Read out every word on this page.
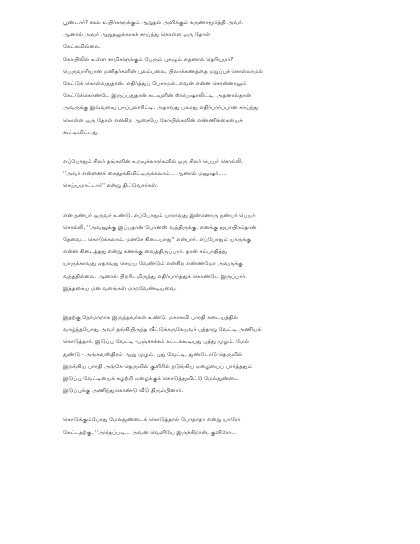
பூண்டார்? சகல உயிர்களுக்கும் ஆறுதல் அளிக்கும் கருணாமூர்த்தி அவர்.
ஆனால் அவர் ஆறுதலுக்காகச் சாய்ந்து கொள்ள ஒரு தோள்
கேட்கவில்லை.
கோயிலில் உள்ள சாமிகளுக்கும் பேரும் புகழும் எதனால் தெரியுமா?
பெருவாரியான மனிதர்களின் புலம்பலை, பிலாக்கணத்தை மறுப்புச் சொல்லாமல்
கேட்டுக் கொள்வதுதான். எதிர்த்துப் பேசாமல், எவன் என்ன சொன்னாலும்
கேட்டுக்கொண்டே இருப்பதுதான் கடவுளின் ஸ்பெஷாலிட்டி. அதனால்தான்
அவருக்கு இவ்வளவு பாப்புலாரிட்டி. அதாவது பலரது எதிர்பார்ப்பான சாய்ந்து
கொள்ள ஒரு தோள் என்கிற ஆசையே கோயில்களின் எண்ணிக்கையைக்
கூட்டிவிட்டது.
எப்போதும் சிலர் தங்களின் உறவுக்காரர்களில் ஒரு சிலர் பெயர் சொல்லி,
''அவர் என்னைக் கைதூக்கிவிட்டிருக்கலாம்... ஆனால் மனுஷர்.....
செய்யமாட்டார்'' என்று திட்டுவார்கள்.
என் நண்பர் ஒருவர் உண்டு. எப்போதும் யாராவது இன்னொரு நண்பர் பெயர்
சொல்லி, ''அவனுக்கு இப்பதான் போனஸ் வந்திருக்கு. எனக்கு ஐயாயிரம்தான்
தேவை... கொடுக்கலாம். மனசே கிடையாது'' என்பார். எப்போதும் யாருக்கு
என்ன கிடைத்தது என்று கணக்கு வைத்திருப்பார். தான் சம்பாதித்து
யாருக்காவது ஏதாவது செய்ய வேண்டும் என்கிற எண்ணமோ அவருக்கு
வந்ததில்லை. ஆனால் பிறரிடமிருந்து எதிர்பார்த்துக் கொண்டே இருப்பார்.
இத்தகைய மன வளங்கள் மாறவேண்டியவை.
இதற்கு நேர்மாறாக இருந்தவர்கள் உண்டு. மகாகவி பாரதி கடையத்தில்
வாழ்ந்தபோது அவர் தங்கியிருந்த வீட்டுக்கருகேயவர் பத்தாறு வேட்டி அணியக்
கொடுத்தார். இடுப்பு வேட்டி -பஞ்சகச்சம் கட்டக்கூடியது பத்து முழம். மேல்
துண்டு - அங்கவஸ்திரம் ஆறு முழம். புது வேட்டி, துண்டோடு தெருவில்
இறங்கிய பாரதி அங்கே தெருவில் குளிரில் நடுங்கிய ஏழையைப் பார்த்ததும்
இடுப்பு வேட்டியைக் கழற்றி ஏழைக்குக் கொடுத்துவிட்டு மேல்துண்டை
இடுப்புக்கு அணிந்துகொண்டு வீடு திரும்பினார்.
கொடுக்கும்போது மேல்துண்டைக் கொடுத்தால் போதாதா என்று யாரோ
கேட்டதற்கு, ''அதெப்படி... அவன் வெளியே இருக்கிறான், குளிரோ...
